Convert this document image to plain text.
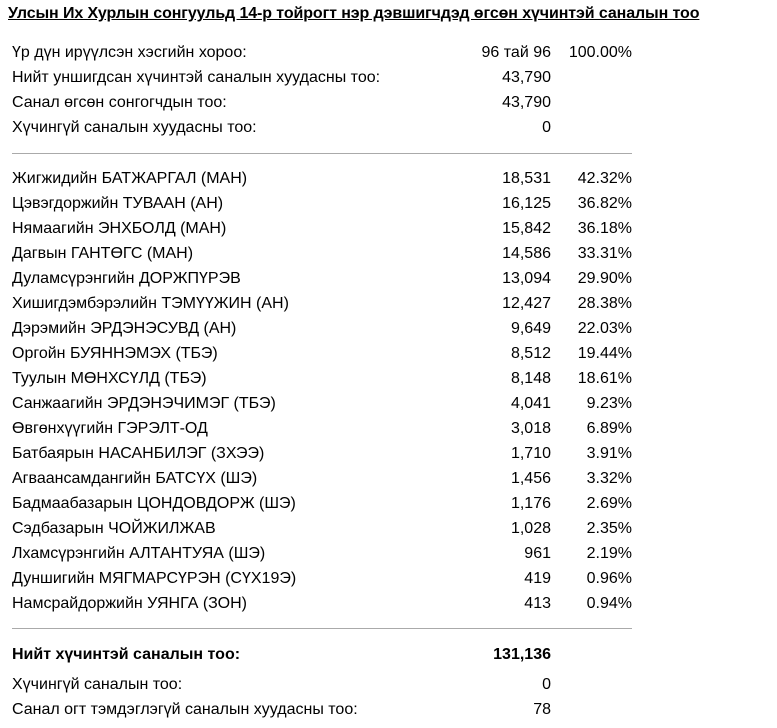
Улсын Их Хурлын сонгуульд 14-р тойрогт нэр дэвшигчдэд өгсөн хүчинтэй саналын тоо
Үр дүн ирүүлсэн хэсгийн хороо:	96 тай 96 100.00%
Нийт уншигдсан хүчинтэй саналын хуудасны тоо:	43,790
Санал өгсөн сонгогчдын тоо:	43,790
Хүчингүй саналын хуудасны тоо:	0
Жигжидийн БАТЖАРГАЛ (МАН)	18,531 42.32%
Цэвэгдоржийн ТУВААН (АН)	16,125 36.82%
Нямаагийн ЭНХБОЛД (МАН)	15,842 36.18%
Дагвын ГАНТӨГС (МАН)	14,586 33.31%
Дуламсүрэнгийн ДОРЖПҮРЭВ	13,094 29.90%
Хишигдэмбэрэлийн ТЭМҮҮЖИН (АН)	12,427 28.38%
Дэрэмийн ЭРДЭНЭСУВД (АН)	9,649 22.03%
Оргойн БУЯННЭМЭХ (ТБЭ)	8,512 19.44%
Туулын МӨНХСҮЛД (ТБЭ)	8,148 18.61%
Санжаагийн ЭРДЭНЭЧИМЭГ (ТБЭ)	4,041 9.23%
Өвгөнхүүгийн ГЭРЭЛТ-ОД	3,018 6.89%
Батбаярын НАСАНБИЛЭГ (ЗХЭЭ)	1,710 3.91%
Агваансамдангийн БАТСҮХ (ШЭ)	1,456 3.32%
Бадмаабазарын ЦОНДОВДОРЖ (ШЭ)	1,176 2.69%
Сэдбазарын ЧОЙЖИЛЖАВ	1,028 2.35%
Лхамсүрэнгийн АЛТАНТУЯА (ШЭ)	961 2.19%
Дуншигийн МЯГМАРСҮРЭН (СҮХ19Э)	419 0.96%
Намсрайдоржийн УЯНГА (ЗОН)	413 0.94%
Нийт хүчинтэй саналын тоо:	131,136
Хүчингүй саналын тоо:	0
Санал огт тэмдэглэгүй саналын хуудасны тоо:	78
